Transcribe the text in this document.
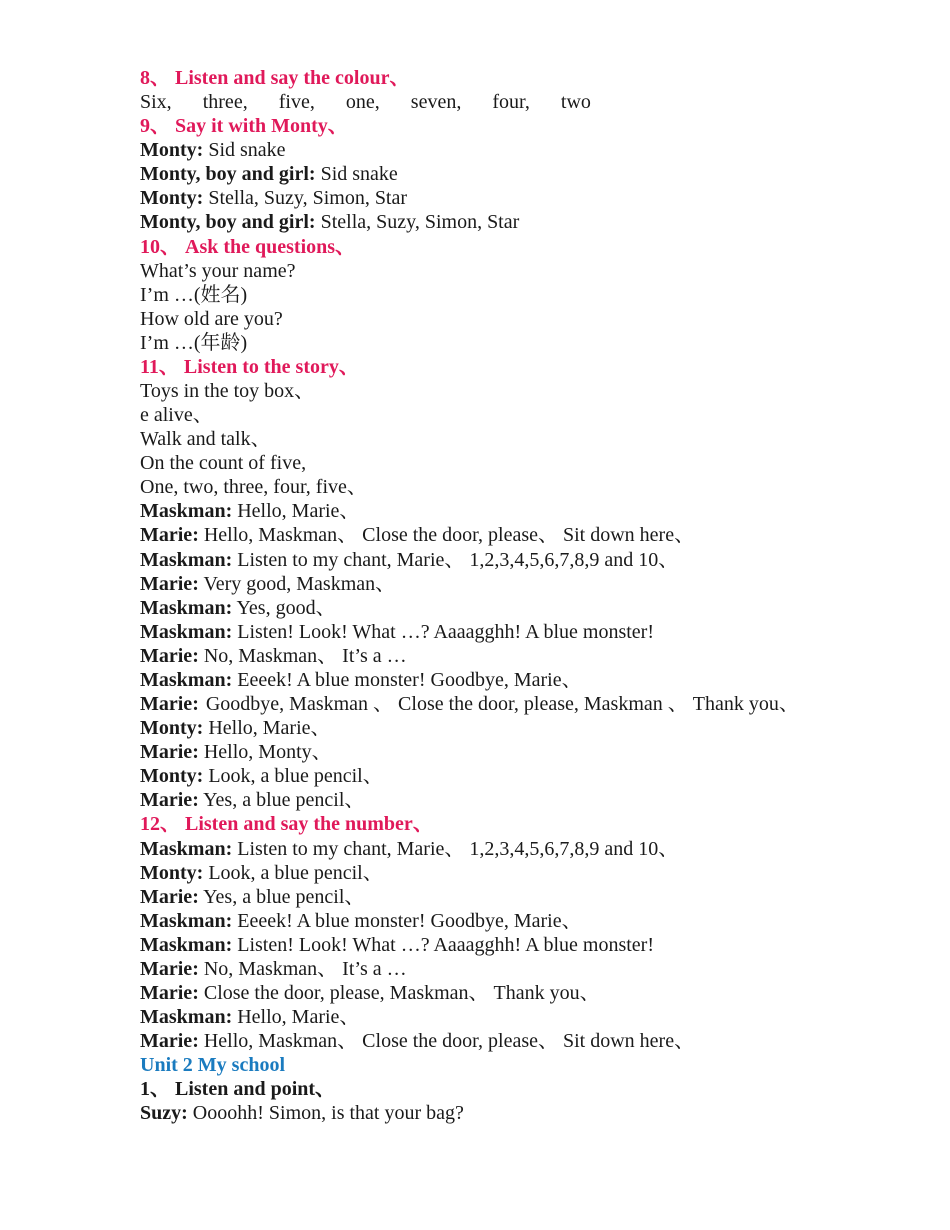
8、 Listen and say the colour、
Six, three, five, one, seven, four, two
9、 Say it with Monty、
Monty: Sid snake
Monty, boy and girl: Sid snake
Monty: Stella, Suzy, Simon, Star
Monty, boy and girl: Stella, Suzy, Simon, Star
10、 Ask the questions、
What’s your name?
I’m …(姓名)
How old are you?
I’m …(年龄)
11、 Listen to the story、
Toys in the toy box、
e alive、
Walk and talk、
On the count of five,
One, two, three, four, five、
Maskman: Hello, Marie、
Marie: Hello, Maskman、 Close the door, please、 Sit down here、
Maskman: Listen to my chant, Marie、 1,2,3,4,5,6,7,8,9 and 10、
Marie: Very good, Maskman、
Maskman: Yes, good、
Maskman: Listen! Look! What …? Aaaagghh! A blue monster!
Marie: No, Maskman、 It’s a …
Maskman: Eeeek! A blue monster! Goodbye, Marie、
Marie: Goodbye, Maskman 、 Close the door, please, Maskman 、 Thank you、
Monty: Hello, Marie、
Marie: Hello, Monty、
Monty: Look, a blue pencil、
Marie: Yes, a blue pencil、
12、 Listen and say the number、
Maskman: Listen to my chant, Marie、 1,2,3,4,5,6,7,8,9 and 10、
Monty: Look, a blue pencil、
Marie: Yes, a blue pencil、
Maskman: Eeeek! A blue monster! Goodbye, Marie、
Maskman: Listen! Look! What …? Aaaagghh! A blue monster!
Marie: No, Maskman、 It’s a …
Marie: Close the door, please, Maskman、 Thank you、
Maskman: Hello, Marie、
Marie: Hello, Maskman、 Close the door, please、 Sit down here、
Unit 2 My school
1、 Listen and point、
Suzy: Oooohh! Simon, is that your bag?
